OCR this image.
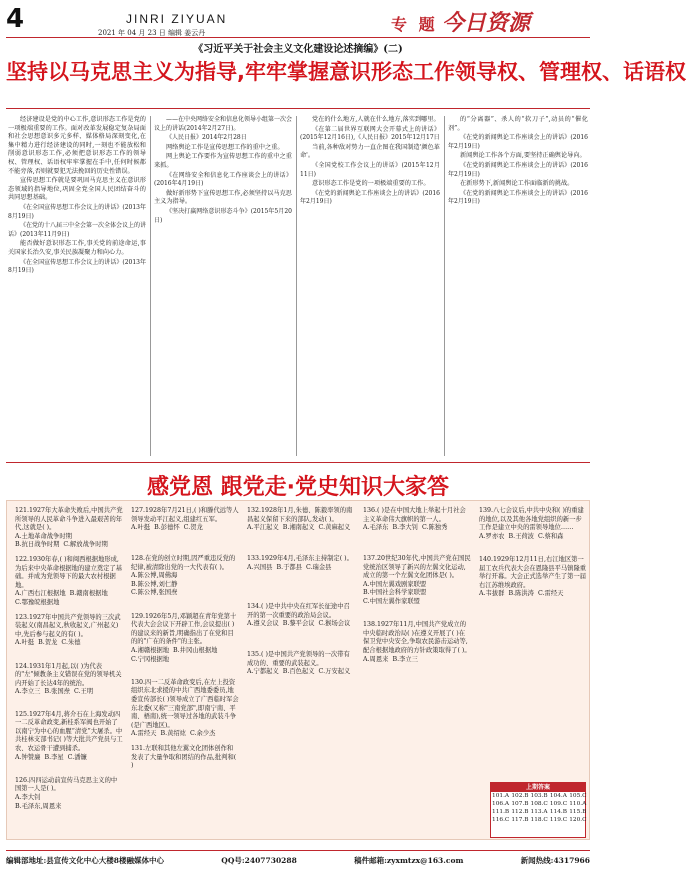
4	JINRI ZIYUAN
2021 年 04 月 23 日 编辑 姜云丹	专 题 今日资源
《习近平关于社会主义文化建设论述摘编》(二)
坚持以马克思主义为指导,牢牢掌握意识形态工作领导权、管理权、话语权

经济建设是党的中心工作,意识形态工作是党的一项极端重要的工作。面对改革发展稳定复杂局面和社会思想意识多元多样、媒体格局深刻变化,在集中精力进行经济建设的同时,一刻也不能放松和削弱意识形态工作,必须把意识形态工作的领导权、管理权、话语权牢牢掌握在手中,任何时候都不能旁落,否则就要犯无法挽回的历史性错误。

宣传思想工作就是要巩固马克思主义在意识形态领域的指导地位,巩固全党全国人民团结奋斗的共同思想基础。

《在全国宣传思想工作会议上的讲话》(2013年8月19日)

《在党的十八届三中全会第一次全体会议上的讲话》(2013年11月9日)

能否做好意识形态工作,事关党的前途命运,事关国家长治久安,事关民族凝聚力和向心力。

《在全国宣传思想工作会议上的讲话》(2013年8月19日)

——在中央网络安全和信息化领导小组第一次会议上的讲话(2014年2月27日)。

《人民日报》2014年2月28日

网络舆论工作是宣传思想工作的重中之重。

网上舆论工作要作为宣传思想工作的重中之重来抓。

《在网络安全和信息化工作座谈会上的讲话》(2016年4月19日)

做好新形势下宣传思想工作,必须坚持以马克思主义为指导。

《坚决打赢网络意识形态斗争》(2015年5月20日)

党在的什么地方,人就在什么地方,落实到哪里。

《在第二届世界互联网大会开幕式上的讲话》(2015年12月16日),《人民日报》2015年12月17日

当前,各种敌对势力一直企图在我国制造'颜色革命'。

《全国党校工作会议上的讲话》(2015年12月11日)

意识形态工作是党的一项极端重要的工作。

《在党的新闻舆论工作座谈会上的讲话》(2016年2月19日)

的“分离器”、杀人的“软刀子”,动员的“催化剂”。

《在党的新闻舆论工作座谈会上的讲话》(2016年2月19日)

新闻舆论工作各个方面,要坚持正确舆论导向。

《在党的新闻舆论工作座谈会上的讲话》(2016年2月19日)

在新形势下,新闻舆论工作面临新的挑战。

《在党的新闻舆论工作座谈会上的讲话》(2016年2月19日)

感党恩 跟党走·党史知识大家答
121.1927年大革命失败后,中国共产党所领导的人民革命斗争进入最艰苦的年代,这就是( )。
A.土地革命战争时期
B.抗日战争时期  C.解放战争时期
122.1930年春,( )和闽西根据地形成,为后来中央革命根据地的建立奠定了基础。并成为党领导下的最大农村根据地。
A.广西右江根据地  B.赣南根据地
C.鄂豫皖根据地
123.1927年中国共产党领导的三次武装起义(南昌起义,秋收起义,广州起义)中,先后参与起义的有( )。
A.叶挺  B.贺龙  C.朱德
124.1931年1月起,以( )为代表的"左"倾教条主义错误在党的领导机关内开始了长达4年的统治。
A.李立三  B.张国焘  C.王明
125.1927年4月,蒋介石在上海发动四一二反革命政变,新桂系军阀也开始了以南宁为中心的血腥“清党”大屠杀。中共桂林支部书记( )等大批共产党员与工农、农运骨干遭到捕杀。
A.钟赞廉  B.李星  C.潘镰
126.四四运动前宣传马克思主义的中国第一人是( )。
A.李大钊
B.毛泽东,周恩来
127.1928年7月21日,( )和滕代远等人领导发动平江起义,组建红五军。
A.叶挺  B.彭德怀  C.贺龙
128.在党的创立时期,因严重违反党的纪律,被清除出党的一大代表有( )。
A.陈公博,周佛海
B.陈公博,刘仁静
C.陈公博,张国焘
129.1926年5月,邓颖超在青年党第十代表大会会议下开辟工作,会议提出( )的建议来的新旨,明确指出了在党和目的的"广在的条件"的主张。
A.湘赣根据地  B.井冈山根据地
C.宁冈根据地
130.四一二反革命政变后,在左上投资组织东北求援的中共广西地委委员,地委宣传部长( )领导成立了广西临时军会东北委(又称"三南党部",即南宁南、平南、梧南),统一领导过各地的武装斗争(是广西地区)。
A.雷经天  B.黄绍竑  C.余少杰
131.左联和其他左翼文化团体创作和发表了大量争取和团结的作品,批判和( )
132.1928年1月,朱德、陈毅率领的南昌起义保留下来的部队,发动( )。
A.平江起义  B.湘南起义  C.黄麻起义
133.1929年4月,毛泽东主持制定( )。
A.兴国县  B.于都县  C.瑞金县
134.( )是中共中央在红军长征途中召开的第一次重要的政治局会议。
A.遵义会议  B.黎平会议  C.猴场会议
135.( )是中国共产党领导的一次带有成功的、重要的武装起义。
A.宁都起义  B.百色起义  C.万安起义
136.( )是在中国大地上举起十月社会主义革命伟大旗帜的第一人。
A.毛泽东  B.李大钊  C.陈独秀
137.20世纪30年代,中国共产党在国民党统治区领导了新兴的左翼文化运动,成立的第一个左翼文化团体是( )。
A.中国左翼戏剧家联盟
B.中国社会科学家联盟
C.中国左翼作家联盟
138.1927年11月,中国共产党成立的中央临时政治局( )在遵义开展了( )在保卫党中央安全,争取农民游击运动等,配合根据地政府的方针政策取得了( )。
A.周恩来  B.李立三
139.八七会议后,中共中央和( )的重建的地位,以及其他各地党组织的新一步工作是建立中央的雷领导地位……
A.罗亦农  B.王荷波  C.蔡和森
140.1929年12月11日,右江地区第一届工农兵代表大会在恩隆县平马镇隆重举行开幕。大会正式选举产生了第一届右江苏维埃政府。
A.韦拔群  B.陈洪涛  C.雷经天
上期答案
101.A	102.B	103.B	104.A	105.C
106.A	107.B	108.C	109.C	110.A
111.B	112.B	113.A	114.B	115.B
116.C	117.B	118.C	119.C	120.C
编辑部地址:县宣传文化中心大楼8楼融媒体中心	QQ号:2407730288	稿件邮箱:zyxmtzx@163.com	新闻热线:4317966
